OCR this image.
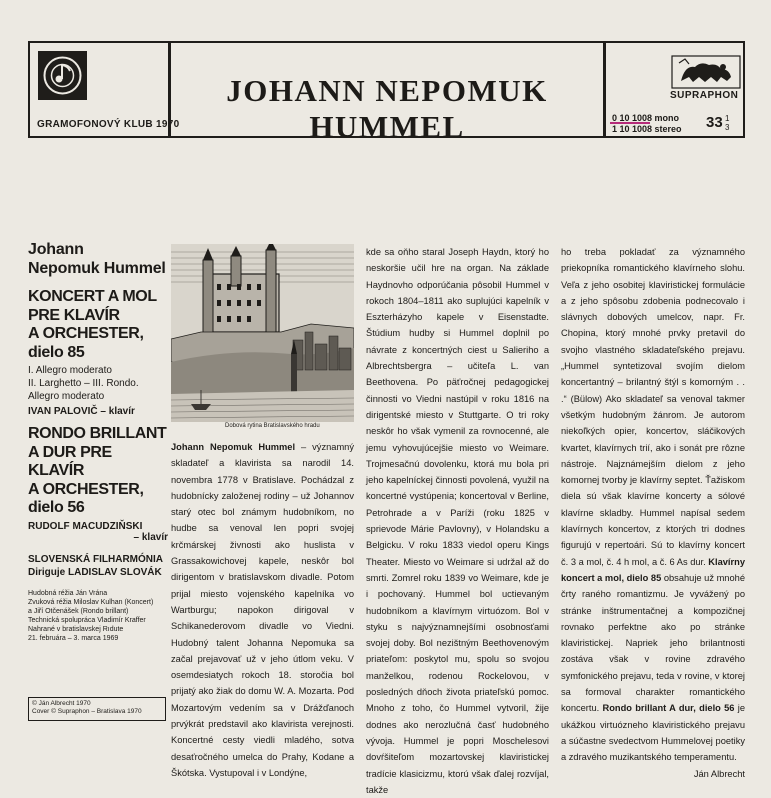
GRAMOFONOVÝ KLUB 1970
JOHANN NEPOMUK HUMMEL
SUPRAPHON
0 10 1008 mono
1 10 1008 stereo 33 1
3
Johann
Nepomuk Hummel
KONCERT A MOL
PRE KLAVÍR
A ORCHESTER,
dielo 85
I. Allegro moderato
II. Larghetto – III. Rondo.
Allegro moderato
IVAN PALOVIČ – klavír
RONDO BRILLANT
A DUR PRE KLAVÍR
A ORCHESTER,
dielo 56
RUDOLF MACUDZIŇSKI
– klavír
SLOVENSKÁ FILHARMÓNIA
Diriguje LADISLAV SLOVÁK
Hudobná réžia Ján Vrána
Zvuková réžia Miloslav Kulhan (Koncert)
a Jiří Otčenášek (Rondo brillant)
Technická spolupráca Vladimír Kraffer
Nahrané v bratislavskej Rıdute
21. februára – 3. marca 1969
© Ján Albrecht 1970
Cover © Supraphon – Bratislava 1970
Dobová rytina Bratislavského hradu
Johann Nepomuk Hummel – významný skladateľ a klavirista sa narodil 14. novembra 1778 v Bratislave. Pochádzal z hudobnícky založenej rodiny – už Johannov starý otec bol známym hudobníkom, no hudbe sa venoval len popri svojej krčmárskej živnosti ako huslista v Grassakowichovej kapele, neskôr bol dirigentom v bratislavskom divadle. Potom prijal miesto vojenského kapelníka vo Wartburgu; napokon dirigoval v Schikanederovom divadle vo Viedni. Hudobný talent Johanna Nepomuka sa začal prejavovať už v jeho útlom veku. V osemdesiatych rokoch 18. storočia bol prijatý ako žiak do domu W. A. Mozarta. Pod Mozartovým vedením sa v Drážďanoch prvýkrát predstavil ako klavirista verejnosti. Koncertné cesty viedli mladého, sotva desaťročného umelca do Prahy, Kodane a Škótska. Vystupoval i v Londýne,
kde sa oňho staral Joseph Haydn, ktorý ho neskoršie učil hre na organ. Na základe Haydnovho odporúčania pôsobil Hummel v rokoch 1804–1811 ako suplujúci kapelník v Eszterházyho kapele v Eisenstadte. Štúdium hudby si Hummel doplnil po návrate z koncertných ciest u Salieriho a Albrechtsbergra – učiteľa L. van Beethovena. Po päťročnej pedagogickej činnosti vo Viedni nastúpil v roku 1816 na dirigentské miesto v Stuttgarte. O tri roky neskôr ho však vymenil za rovnocenné, ale jemu vyhovujúcejšie miesto vo Weimare. Trojmesačnú dovolenku, ktorá mu bola pri jeho kapelníckej činnosti povolená, využil na koncertné vystúpenia; koncertoval v Berline, Petrohrade a v Paríži (roku 1825 v sprievode Márie Pavlovny), v Holandsku a Belgicku. V roku 1833 viedol operu Kings Theater. Miesto vo Weimare si udržal až do smrti. Zomrel roku 1839 vo Weimare, kde je i pochovaný. Hummel bol uctievaným hudobníkom a klavírnym virtuózom. Bol v styku s najvýznamnejšími osobnosťami svojej doby. Bol nezištným Beethovenovým priateľom: poskytol mu, spolu so svojou manželkou, rodenou Rockelovou, v posledných dňoch života priateľskú pomoc. Mnoho z toho, čo Hummel vytvoril, žije dodnes ako nerozlučná časť hudobného vývoja. Hummel je popri Moschelesovi dovŕšiteľom mozartovskej klaviristickej tradície klasicizmu, ktorú však ďalej rozvíjal, takže
ho treba pokladať za významného priekopníka romantického klavírneho slohu. Veľa z jeho osobitej klaviristickej formulácie a z jeho spôsobu zdobenia podnecovalo i slávnych dobových umelcov, napr. Fr. Chopina, ktorý mnohé prvky pretavil do svojho vlastného skladateľského prejavu. „Hummel syntetizoval svojím dielom koncertantný – brilantný štýl s komorným . . .“ (Bülow) Ako skladateľ sa venoval takmer všetkým hudobným žánrom. Je autorom niekoľkých opier, koncertov, sláčikových kvartet, klavírnych trií, ako i sonát pre rôzne nástroje. Najznámejším dielom z jeho komornej tvorby je klavírny septet. Ťažiskom diela sú však klavírne koncerty a sólové klavírne skladby. Hummel napísal sedem klavírnych koncertov, z ktorých tri dodnes figurujú v repertoári. Sú to klavírny koncert č. 3 a mol, č. 4 h mol, a č. 6 As dur. Klavírny koncert a mol, dielo 85 obsahuje už mnohé črty raného romantizmu. Je vyvážený po stránke inštrumentačnej a kompozičnej rovnako perfektne ako po stránke klaviristickej. Napriek jeho brilantnosti zostáva však v rovine zdravého symfonického prejavu, teda v rovine, v ktorej sa formoval charakter romantického koncertu. Rondo brillant A dur, dielo 56 je ukážkou virtuózneho klaviristického prejavu a súčastne svedectvom Hummelovej poetiky a zdravého muzikantského temperamentu.
Ján Albrecht
